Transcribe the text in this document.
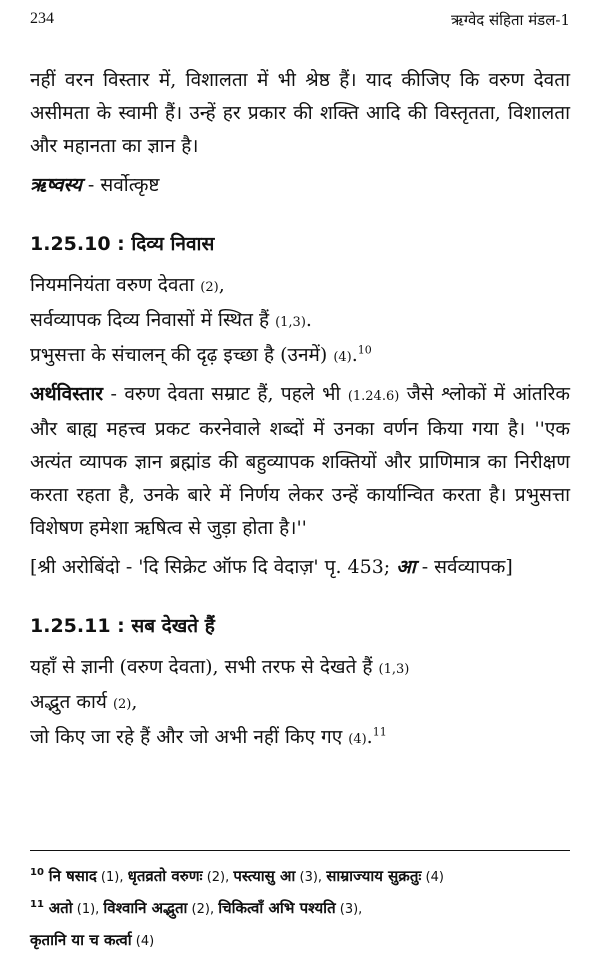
234	ऋग्वेद संहिता मंडल-1

नहीं वरन विस्तार में, विशालता में भी श्रेष्ठ हैं। याद कीजिए कि वरुण देवता असीमता के स्वामी हैं। उन्हें हर प्रकार की शक्ति आदि की विस्तृतता, विशालता और महानता का ज्ञान है।

ऋष्वस्य - सर्वोत्कृष्ट

1.25.10 : दिव्य निवास

नियमनियंता वरुण देवता (2),

सर्वव्यापक दिव्य निवासों में स्थित हैं (1,3).

प्रभुसत्ता के संचालन् की दृढ़ इच्छा है (उनमें) (4).$^{10}$

अर्थविस्तार - वरुण देवता सम्राट हैं, पहले भी (1.24.6) जैसे श्लोकों में आंतरिक और बाह्य महत्त्व प्रकट करनेवाले शब्दों में उनका वर्णन किया गया है। ''एक अत्यंत व्यापक ज्ञान ब्रह्मांड की बहुव्यापक शक्तियों और प्राणिमात्र का निरीक्षण करता रहता है, उनके बारे में निर्णय लेकर उन्हें कार्यान्वित करता है। प्रभुसत्ता विशेषण हमेशा ऋषित्व से जुड़ा होता है।''

[श्री अरोबिंदो - 'दि सिक्रेट ऑफ दि वेदाज़' पृ. 453; आ - सर्वव्यापक]

1.25.11 : सब देखते हैं

यहाँ से ज्ञानी (वरुण देवता), सभी तरफ से देखते हैं (1,3)

अद्भुत कार्य (2),

जो किए जा रहे हैं और जो अभी नहीं किए गए (4).$^{11}$

$^{10}$ नि षसाद (1), धृतव्रतो वरुणः (2), पस्त्यासु आ (3), साम्राज्याय सुक्रतुः (4)
$^{11}$ अतो (1), विश्वानि अद्भुता (2), चिकित्वाँ अभि पश्यति (3),
कृतानि या च कर्त्वा (4)
